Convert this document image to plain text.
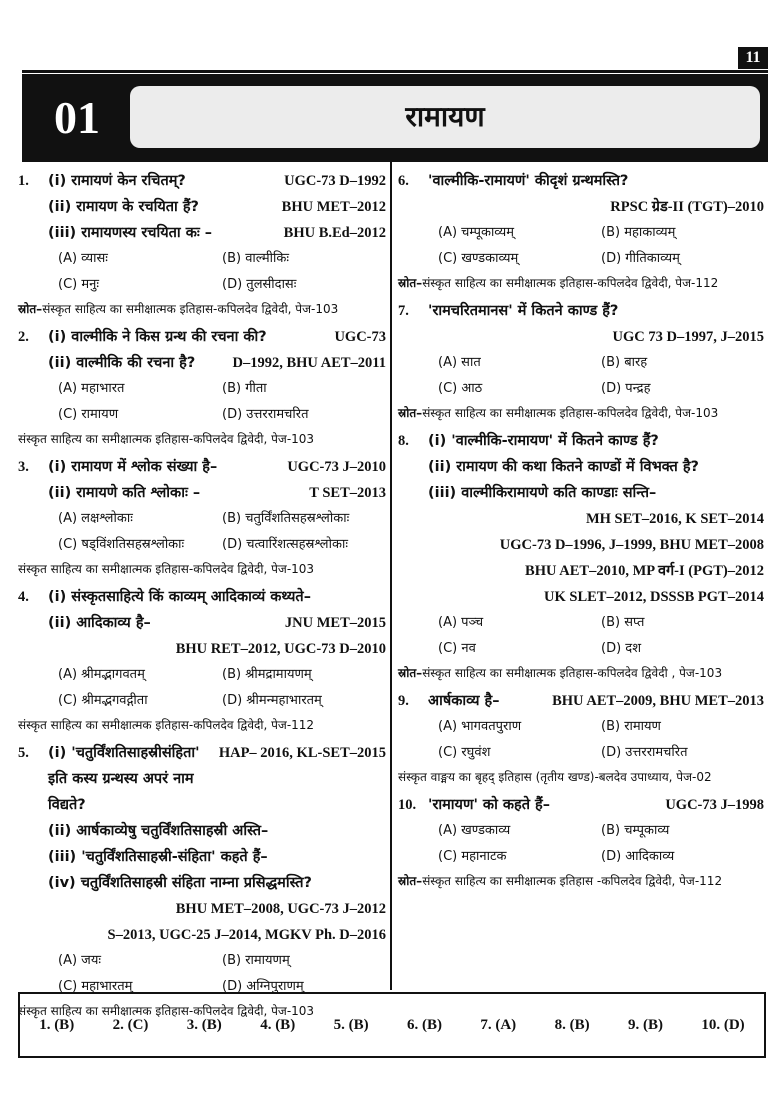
11
01	रामायण
1.	(i) रामायणं केन रचितम्?	UGC-73 D–1992
(ii) रामायण के रचयिता हैं?	BHU MET–2012
(iii) रामायणस्य रचयिता कः –	BHU B.Ed–2012
(A) व्यासः	(B) वाल्मीकिः
(C) मनुः	(D) तुलसीदासः
स्रोत–संस्कृत साहित्य का समीक्षात्मक इतिहास-कपिलदेव द्विवेदी, पेज-103
2.	(i) वाल्मीकि ने किस ग्रन्थ की रचना की?	UGC-73
(ii) वाल्मीकि की रचना है?	D–1992, BHU AET–2011
(A) महाभारत	(B) गीता
(C) रामायण	(D) उत्तररामचरित
संस्कृत साहित्य का समीक्षात्मक इतिहास-कपिलदेव द्विवेदी, पेज-103
3.	(i) रामायण में श्लोक संख्या है–	UGC-73 J–2010
(ii) रामायणे कति श्लोकाः –	T SET–2013
(A) लक्षश्लोकाः	(B) चतुर्विंशतिसहस्रश्लोकाः
(C) षड्विंशतिसहस्रश्लोकाः	(D) चत्वारिंशत्सहस्रश्लोकाः
संस्कृत साहित्य का समीक्षात्मक इतिहास-कपिलदेव द्विवेदी, पेज-103
4.	(i) संस्कृतसाहित्ये किं काव्यम् आदिकाव्यं कथ्यते–
(ii) आदिकाव्य है–	JNU MET–2015
BHU RET–2012, UGC-73 D–2010
(A) श्रीमद्भागवतम्	(B) श्रीमद्रामायणम्
(C) श्रीमद्भगवद्गीता	(D) श्रीमन्महाभारतम्
संस्कृत साहित्य का समीक्षात्मक इतिहास-कपिलदेव द्विवेदी, पेज-112
5.	(i) 'चतुर्विंशतिसाहस्रीसंहिता' इति कस्य ग्रन्थस्य अपरं नाम विद्यते?
HAP– 2016, KL-SET–2015
(ii) आर्षकाव्येषु चतुर्विंशतिसाहस्री अस्ति–
(iii) 'चतुर्विंशतिसाहस्री-संहिता' कहते हैं–
(iv) चतुर्विंशतिसाहस्री संहिता नाम्ना प्रसिद्धमस्ति?
BHU MET–2008, UGC-73 J–2012
S–2013, UGC-25 J–2014, MGKV Ph. D–2016
(A) जयः	(B) रामायणम्
(C) महाभारतम्	(D) अग्निपुराणम्
संस्कृत साहित्य का समीक्षात्मक इतिहास-कपिलदेव द्विवेदी, पेज-103
6.	'वाल्मीकि-रामायणं' कीदृशं ग्रन्थमस्ति?
RPSC ग्रेड-II (TGT)–2010
(A) चम्पूकाव्यम्	(B) महाकाव्यम्
(C) खण्डकाव्यम्	(D) गीतिकाव्यम्
स्रोत–संस्कृत साहित्य का समीक्षात्मक इतिहास-कपिलदेव द्विवेदी, पेज-112
7.	'रामचरितमानस' में कितने काण्ड हैं?
UGC 73 D–1997, J–2015
(A) सात	(B) बारह
(C) आठ	(D) पन्द्रह
स्रोत–संस्कृत साहित्य का समीक्षात्मक इतिहास-कपिलदेव द्विवेदी, पेज-103
8.	(i) 'वाल्मीकि-रामायण' में कितने काण्ड हैं?
(ii) रामायण की कथा कितने काण्डों में विभक्त है?
(iii) वाल्मीकिरामायणे कति काण्डाः सन्ति–
MH SET–2016, K SET–2014
UGC-73 D–1996, J–1999, BHU MET–2008
BHU AET–2010, MP वर्ग-I (PGT)–2012
UK SLET–2012, DSSSB PGT–2014
(A) पञ्च	(B) सप्त
(C) नव	(D) दश
स्रोत–संस्कृत साहित्य का समीक्षात्मक इतिहास-कपिलदेव द्विवेदी , पेज-103
9.	आर्षकाव्य है–	BHU AET–2009, BHU MET–2013
(A) भागवतपुराण	(B) रामायण
(C) रघुवंश	(D) उत्तररामचरित
संस्कृत वाङ्मय का बृहद् इतिहास (तृतीय खण्ड)-बलदेव उपाध्याय, पेज-02
10. 'रामायण' को कहते हैं–	UGC-73 J–1998
(A) खण्डकाव्य	(B) चम्पूकाव्य
(C) महानाटक	(D) आदिकाव्य
स्रोत–संस्कृत साहित्य का समीक्षात्मक इतिहास -कपिलदेव द्विवेदी, पेज-112
1. (B)	2. (C)	3. (B)	4. (B)	5. (B)	6. (B)	7. (A)	8. (B)	9. (B)	10. (D)
